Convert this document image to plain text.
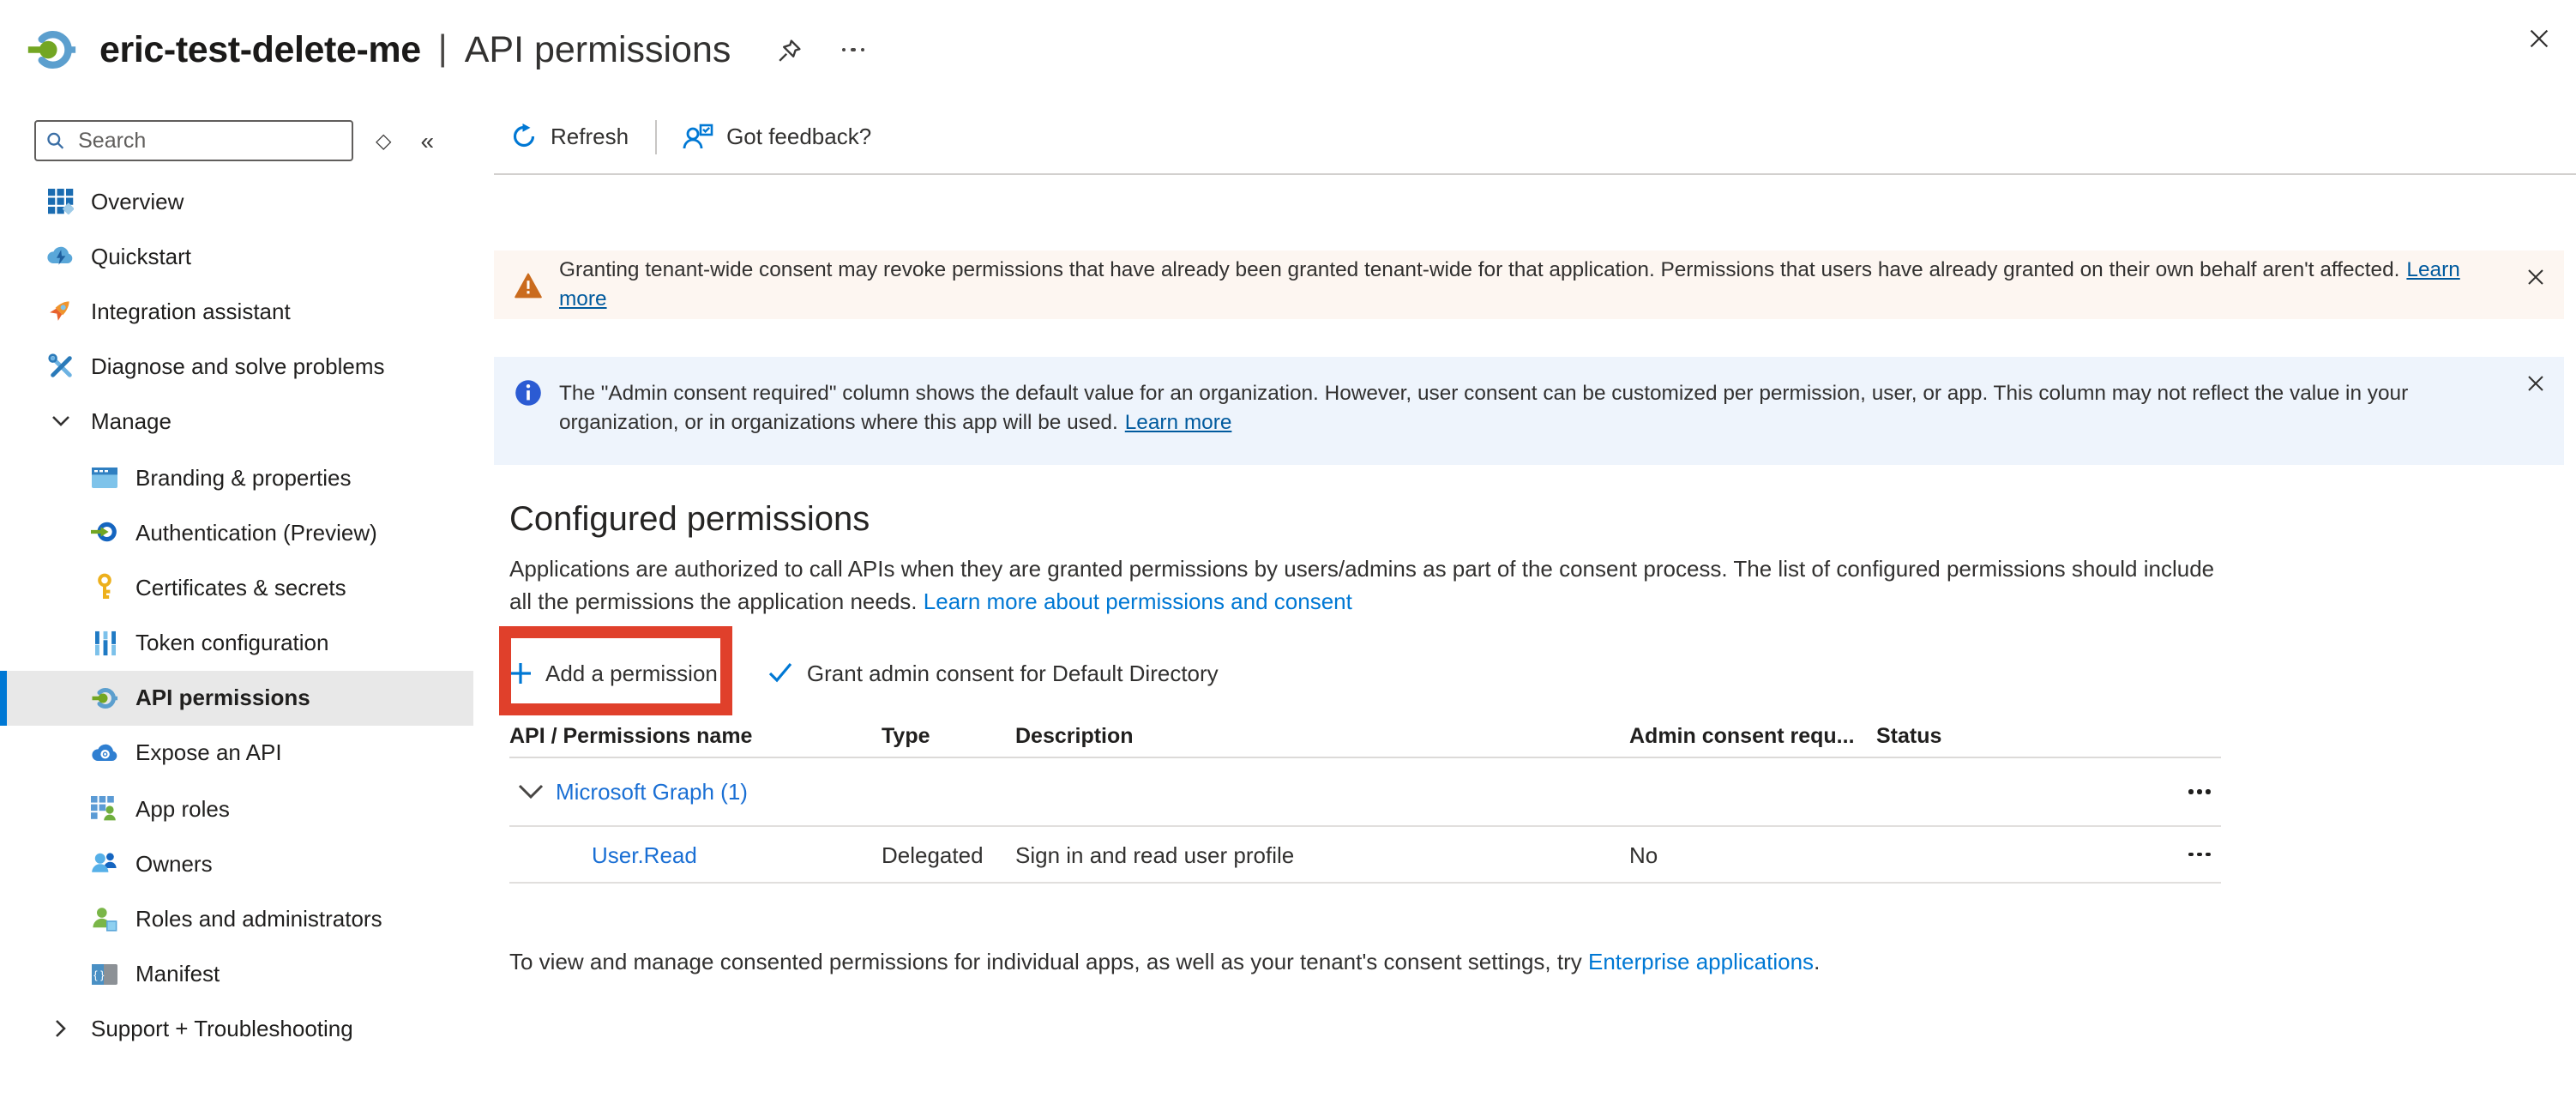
eric-test-delete-me | API permissions
Search
◇ «
Overview
Quickstart
Integration assistant
Diagnose and solve problems
Manage
Branding & properties
Authentication (Preview)
Certificates & secrets
Token configuration
API permissions
Expose an API
App roles
Owners
Roles and administrators
{ }	Manifest
Support + Troubleshooting
Refresh	Got feedback?
Granting tenant-wide consent may revoke permissions that have already been granted tenant-wide for that application. Permissions that users have already granted on their own behalf aren't affected. Learn more
The "Admin consent required" column shows the default value for an organization. However, user consent can be customized per permission, user, or app. This column may not reflect the value in your organization, or in organizations where this app will be used. Learn more
Configured permissions
Applications are authorized to call APIs when they are granted permissions by users/admins as part of the consent process. The list of configured permissions should include all the permissions the application needs. Learn more about permissions and consent
Add a permission	Grant admin consent for Default Directory
API / Permissions name	Type	Description	Admin consent requ...	Status
Microsoft Graph (1)
User.Read	Delegated	Sign in and read user profile	No
To view and manage consented permissions for individual apps, as well as your tenant's consent settings, try Enterprise applications.
